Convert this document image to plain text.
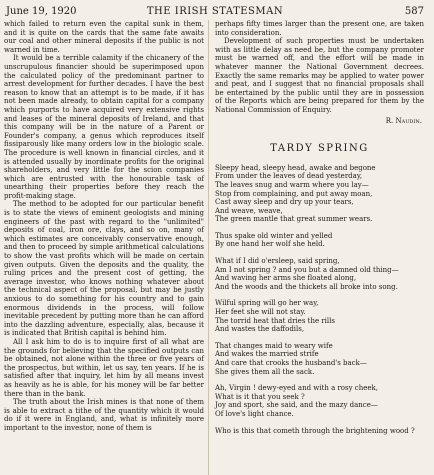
June 19, 1920	THE IRISH STATESMAN	587

which failed to return even the capital sunk in them, and it is quite on the cards that the same fate awaits our coal and other mineral deposits if the public is not warned in time.

It would be a terrible calamity if the chicanery of the unscrupulous financier should be superimposed upon the calculated policy of the predominant partner to arrest development for further decades. I have the best reason to know that an attempt is to be made, if it has not been made already, to obtain capital for a company which purports to have acquired very extensive rights and leases of the mineral deposits of Ireland, and that this company will be in the nature of a Parent or Founder's company, a genus which reproduces itself fissiparously like many orders low in the biologic scale. The procedure is well known in financial circles, and it is attended usually by inordinate profits for the original shareholders, and very little for the scion companies which are entrusted with the honourable task of unearthing their properties before they reach the profit-making stage.

The method to be adopted for our particular benefit is to state the views of eminent geologists and mining engineers of the past with regard to the "unlimited" deposits of coal, iron ore, clays, and so on, many of which estimates are conceivably conservative enough, and then to proceed by simple arithmetical calculations to show the vast profits which will be made on certain given outputs. Given the deposits and the quality, the ruling prices and the present cost of getting, the average investor, who knows nothing whatever about the technical aspect of the proposal, but may be justly anxious to do something for his country and to gain enormous dividends in the process, will follow inevitable precedent by putting more than he can afford into the dazzling adventure, especially, alas, because it is indicated that British capital is behind him.

All I ask him to do is to inquire first of all what are the grounds for believing that the specified outputs can be obtained, not alone within the three or five years of the prospectus, but within, let us say, ten years. If he is satisfied after that inquiry, let him by all means invest as heavily as he is able, for his money will be far better there than in the bank.

The truth about the Irish mines is that none of them is able to extract a tithe of the quantity which it would do if it were in England, and, what is infinitely more important to the investor, none of them is

perhaps fifty times larger than the present one, are taken into consideration.

Development of such properties must be undertaken with as little delay as need be, but the company promoter must be warned off, and the effort will be made in whatever manner the National Government decrees. Exactly the same remarks may be applied to water power and peat, and I suggest that no financial proposals shall be entertained by the public until they are in possession of the Reports which are being prepared for them by the National Commission of Enquiry.

R. Naudin.
TARDY SPRING
Sleepy head, sleepy head, awake and begone
From under the leaves of dead yesterday,
The leaves snug and warm where you lay—
Stop from complaining, and put away moan,
Cast away sleep and dry up your tears,
And weave, weave,
The green mantle that great summer wears.
Thus spake old winter and yelled
By one hand her wolf she held.
What if I did o'ersleep, said spring,
Am I not spring ? and you but a damned old thing—
And waving her arms she floated along,
And the woods and the thickets all broke into song.
Wilful spring will go her way,
Her feet she will not stay.
The torrid heat that dries the rills
And wastes the daffodils,
That changes maid to weary wife
And wakes the married strife
And care that crooks the husband's back—
She gives them all the sack.
Ah, Virgin ! dewy-eyed and with a rosy cheek,
What is it that you seek ?
Joy and sport, she said, and the mazy dance—
Of love's light chance.
Who is this that cometh through the brightening wood ?
